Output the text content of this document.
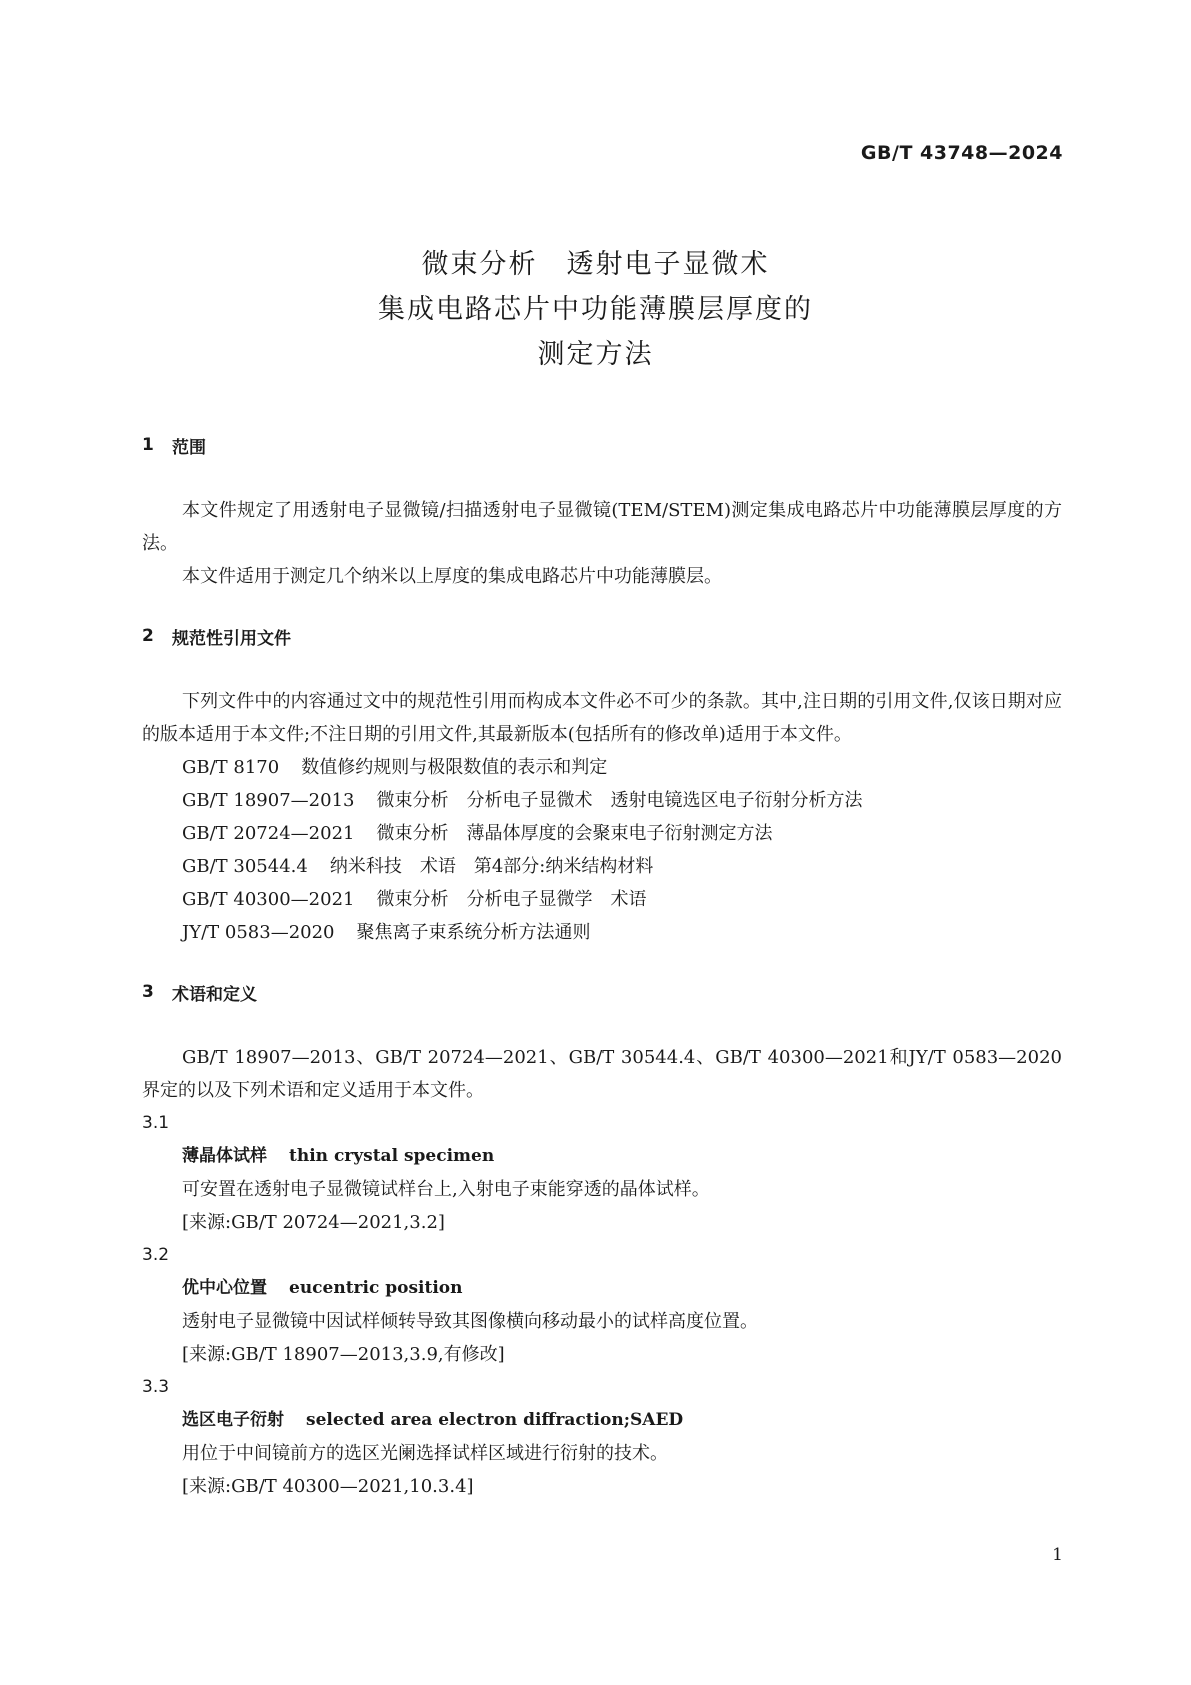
GB/T 43748—2024
微束分析　透射电子显微术
集成电路芯片中功能薄膜层厚度的
测定方法
1	范围

本文件规定了用透射电子显微镜/扫描透射电子显微镜(TEM/STEM)测定集成电路芯片中功能薄膜层厚度的方法。

本文件适用于测定几个纳米以上厚度的集成电路芯片中功能薄膜层。

2	规范性引用文件

下列文件中的内容通过文中的规范性引用而构成本文件必不可少的条款。其中,注日期的引用文件,仅该日期对应的版本适用于本文件;不注日期的引用文件,其最新版本(包括所有的修改单)适用于本文件。

GB/T 8170 数值修约规则与极限数值的表示和判定
GB/T 18907—2013 微束分析　分析电子显微术　透射电镜选区电子衍射分析方法
GB/T 20724—2021 微束分析　薄晶体厚度的会聚束电子衍射测定方法
GB/T 30544.4 纳米科技　术语　第4部分:纳米结构材料
GB/T 40300—2021 微束分析　分析电子显微学　术语
JY/T 0583—2020 聚焦离子束系统分析方法通则
3	术语和定义

GB/T 18907—2013、GB/T 20724—2021、GB/T 30544.4、GB/T 40300—2021和JY/T 0583—2020界定的以及下列术语和定义适用于本文件。

3.1
薄晶体试样 thin crystal specimen
可安置在透射电子显微镜试样台上,入射电子束能穿透的晶体试样。
[来源:GB/T 20724—2021,3.2]
3.2
优中心位置 eucentric position
透射电子显微镜中因试样倾转导致其图像横向移动最小的试样高度位置。
[来源:GB/T 18907—2013,3.9,有修改]
3.3
选区电子衍射 selected area electron diffraction;SAED
用位于中间镜前方的选区光阑选择试样区域进行衍射的技术。
[来源:GB/T 40300—2021,10.3.4]
1
